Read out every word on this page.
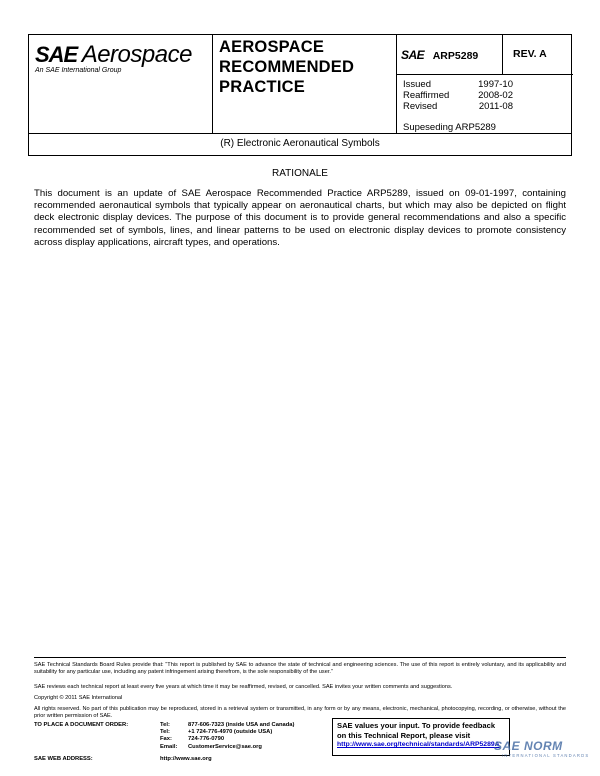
SAE Aerospace
An SAE International Group
AEROSPACE
RECOMMENDED
PRACTICE
SAE ARP5289	REV. A
Issued	1997-10
Reaffirmed	2008-02
Revised	2011-08
Supeseding ARP5289
(R) Electronic Aeronautical Symbols
RATIONALE
This document is an update of SAE Aerospace Recommended Practice ARP5289, issued on 09-01-1997, containing recommended aeronautical symbols that typically appear on aeronautical charts, but which may also be depicted on flight deck electronic display devices. The purpose of this document is to provide general recommendations and also a specific recommended set of symbols, lines, and linear patterns to be used on electronic display devices to promote consistency across display applications, aircraft types, and operations.
SAE Technical Standards Board Rules provide that: “This report is published by SAE to advance the state of technical and engineering sciences. The use of this report is entirely voluntary, and its applicability and suitability for any particular use, including any patent infringement arising therefrom, is the sole responsibility of the user.”
SAE reviews each technical report at least every five years at which time it may be reaffirmed, revised, or cancelled. SAE invites your written comments and suggestions.
Copyright © 2011 SAE International
All rights reserved. No part of this publication may be reproduced, stored in a retrieval system or transmitted, in any form or by any means, electronic, mechanical, photocopying, recording, or otherwise, without the prior written permission of SAE.
TO PLACE A DOCUMENT ORDER:	Tel:	877-606-7323 (inside USA and Canada)
Tel:	+1 724-776-4970 (outside USA)
Fax:	724-776-0790
Email:	CustomerService@sae.org
SAE WEB ADDRESS:	http://www.sae.org
SAE values your input. To provide feedback
on this Technical Report, please visit
http://www.sae.org/technical/standards/ARP5289A
SAE NORM
INTERNATIONAL STANDARDS
